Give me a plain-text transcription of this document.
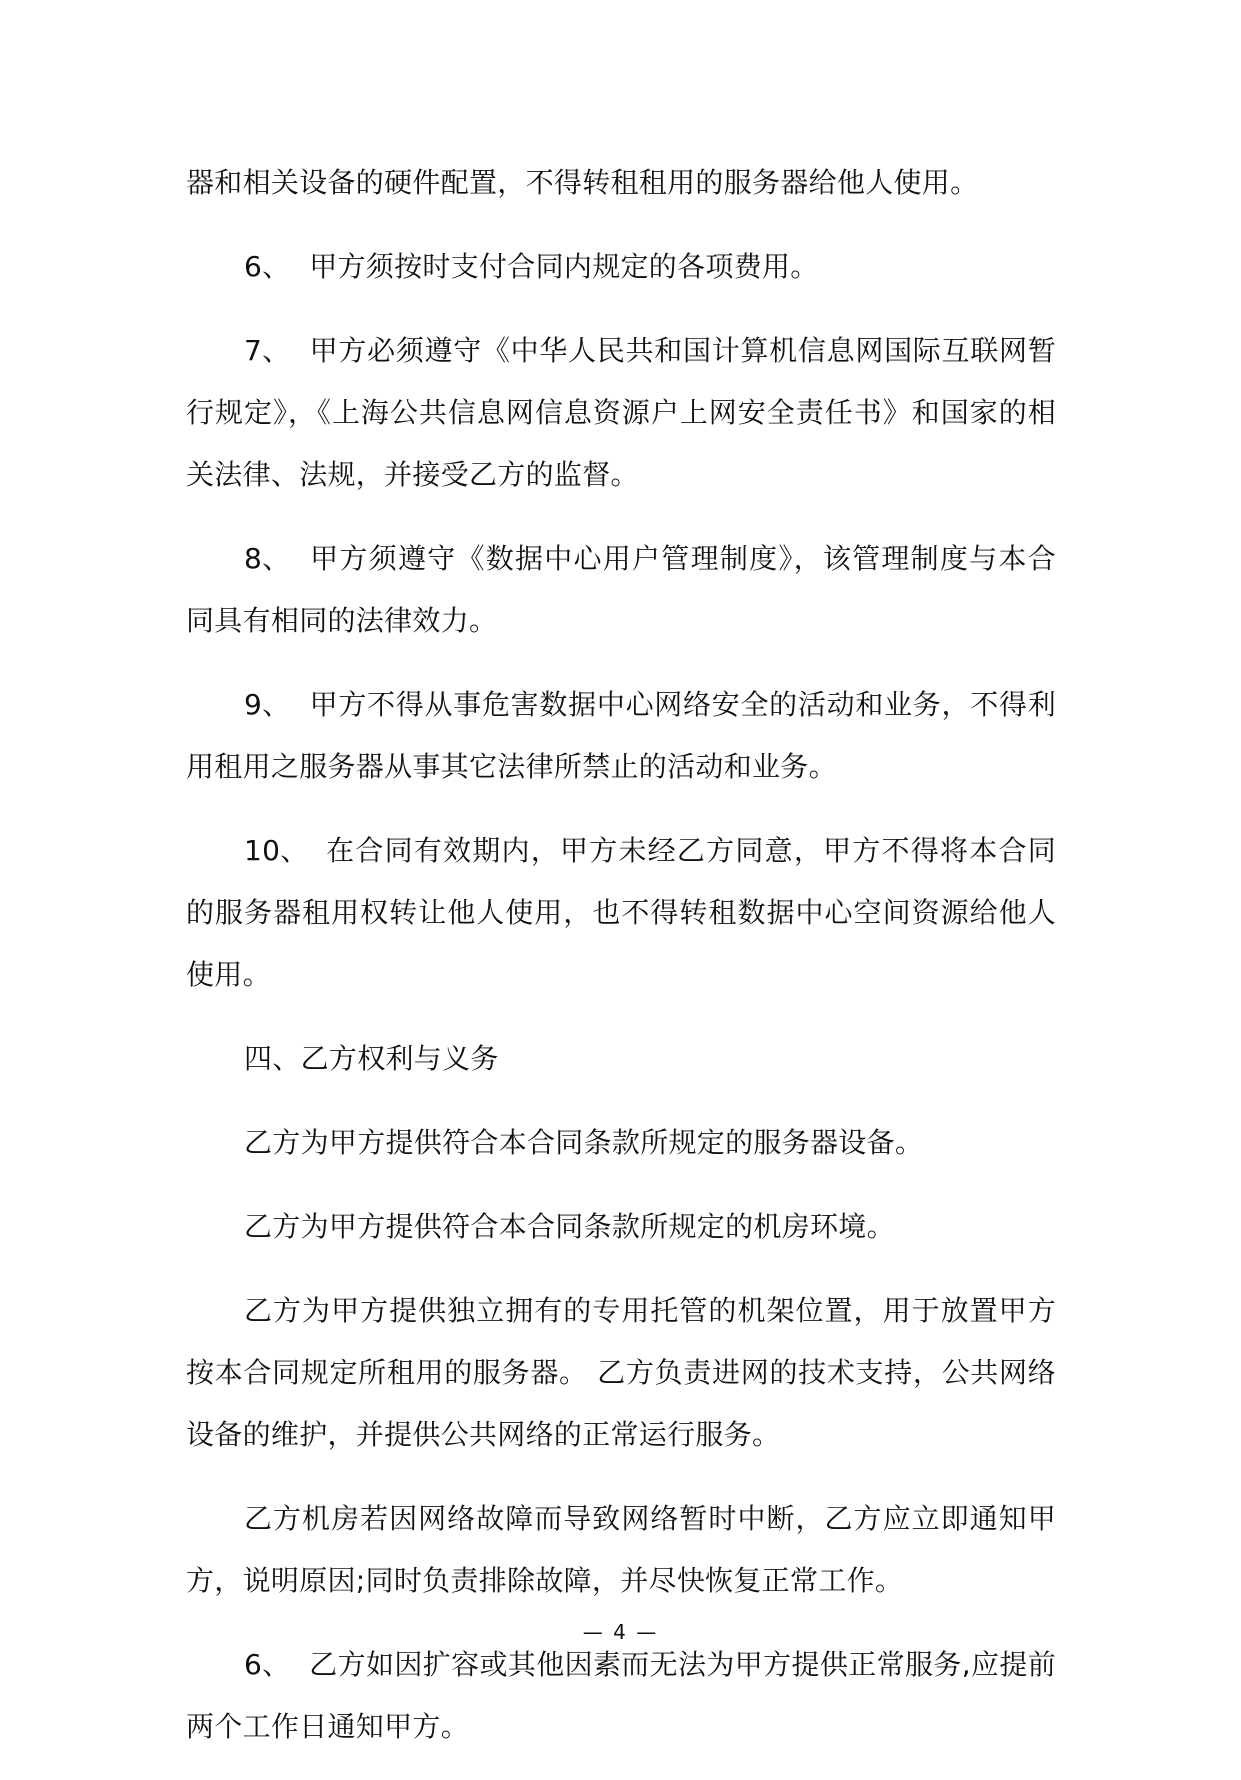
器和相关设备的硬件配置，不得转租租用的服务器给他人使用。

6、 甲方须按时支付合同内规定的各项费用。

7、 甲方必须遵守《中华人民共和国计算机信息网国际互联网暂行规定》，《上海公共信息网信息资源户上网安全责任书》和国家的相关法律、法规，并接受乙方的监督。

8、 甲方须遵守《数据中心用户管理制度》，该管理制度与本合同具有相同的法律效力。

9、 甲方不得从事危害数据中心网络安全的活动和业务，不得利用租用之服务器从事其它法律所禁止的活动和业务。

10、 在合同有效期内，甲方未经乙方同意，甲方不得将本合同的服务器租用权转让他人使用，也不得转租数据中心空间资源给他人使用。

四、乙方权利与义务

乙方为甲方提供符合本合同条款所规定的服务器设备。

乙方为甲方提供符合本合同条款所规定的机房环境。

乙方为甲方提供独立拥有的专用托管的机架位置，用于放置甲方按本合同规定所租用的服务器。 乙方负责进网的技术支持，公共网络设备的维护，并提供公共网络的正常运行服务。

乙方机房若因网络故障而导致网络暂时中断，乙方应立即通知甲方，说明原因;同时负责排除故障，并尽快恢复正常工作。

6、 乙方如因扩容或其他因素而无法为甲方提供正常服务,应提前两个工作日通知甲方。

— 4 —
